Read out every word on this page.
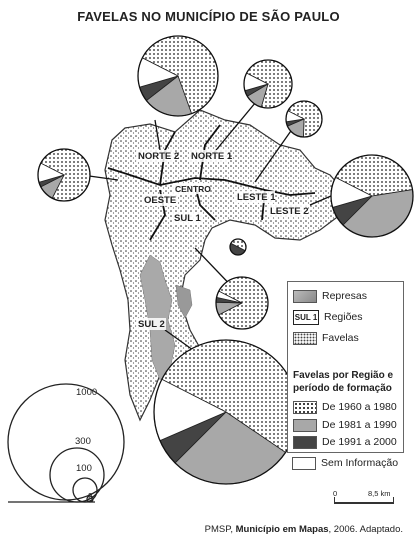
FAVELAS NO MUNICÍPIO DE SÃO PAULO
NORTE 2 NORTE 1
CENTRO
OESTE	LESTE 1
LESTE 2
SUL 1
SUL 2
1000
300
100
2
Represas
SUL 1 Regiões
Favelas
Favelas por Região e período de formação
De 1960 a 1980
De 1981 a 1990
De 1991 a 2000
Sem Informação
0	8,5 km
PMSP, Município em Mapas, 2006. Adaptado.
